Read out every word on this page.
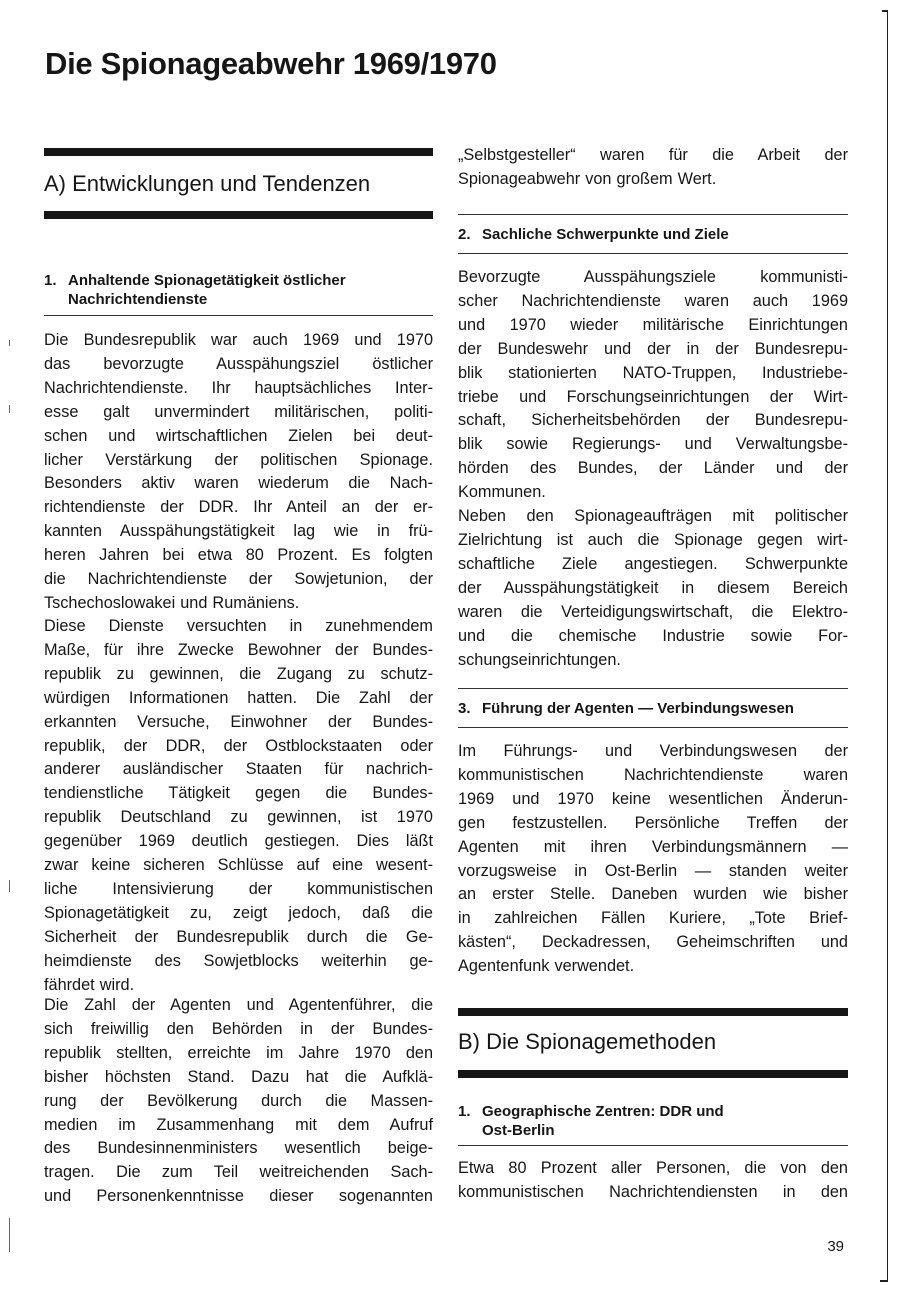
Die Spionageabwehr 1969/1970
A) Entwicklungen und Tendenzen
1. Anhaltende Spionagetätigkeit östlicher
Nachrichtendienste
Die Bundesrepublik war auch 1969 und 1970
das bevorzugte Ausspähungsziel östlicher
Nachrichtendienste. Ihr hauptsächliches Inter-
esse galt unvermindert militärischen, politi-
schen und wirtschaftlichen Zielen bei deut-
licher Verstärkung der politischen Spionage.
Besonders aktiv waren wiederum die Nach-
richtendienste der DDR. Ihr Anteil an der er-
kannten Ausspähungstätigkeit lag wie in frü-
heren Jahren bei etwa 80 Prozent. Es folgten
die Nachrichtendienste der Sowjetunion, der
Tschechoslowakei und Rumäniens.
Diese Dienste versuchten in zunehmendem
Maße, für ihre Zwecke Bewohner der Bundes-
republik zu gewinnen, die Zugang zu schutz-
würdigen Informationen hatten. Die Zahl der
erkannten Versuche, Einwohner der Bundes-
republik, der DDR, der Ostblockstaaten oder
anderer ausländischer Staaten für nachrich-
tendienstliche Tätigkeit gegen die Bundes-
republik Deutschland zu gewinnen, ist 1970
gegenüber 1969 deutlich gestiegen. Dies läßt
zwar keine sicheren Schlüsse auf eine wesent-
liche Intensivierung der kommunistischen
Spionagetätigkeit zu, zeigt jedoch, daß die
Sicherheit der Bundesrepublik durch die Ge-
heimdienste des Sowjetblocks weiterhin ge-
fährdet wird.
Die Zahl der Agenten und Agentenführer, die
sich freiwillig den Behörden in der Bundes-
republik stellten, erreichte im Jahre 1970 den
bisher höchsten Stand. Dazu hat die Aufklä-
rung der Bevölkerung durch die Massen-
medien im Zusammenhang mit dem Aufruf
des Bundesinnenministers wesentlich beige-
tragen. Die zum Teil weitreichenden Sach-
und Personenkenntnisse dieser sogenannten
„Selbstgesteller“ waren für die Arbeit der
Spionageabwehr von großem Wert.
2. Sachliche Schwerpunkte und Ziele
Bevorzugte Ausspähungsziele kommunisti-
scher Nachrichtendienste waren auch 1969
und 1970 wieder militärische Einrichtungen
der Bundeswehr und der in der Bundesrepu-
blik stationierten NATO-Truppen, Industriebe-
triebe und Forschungseinrichtungen der Wirt-
schaft, Sicherheitsbehörden der Bundesrepu-
blik sowie Regierungs- und Verwaltungsbe-
hörden des Bundes, der Länder und der
Kommunen.
Neben den Spionageaufträgen mit politischer
Zielrichtung ist auch die Spionage gegen wirt-
schaftliche Ziele angestiegen. Schwerpunkte
der Ausspähungstätigkeit in diesem Bereich
waren die Verteidigungswirtschaft, die Elektro-
und die chemische Industrie sowie For-
schungseinrichtungen.
3. Führung der Agenten — Verbindungswesen
Im Führungs- und Verbindungswesen der
kommunistischen Nachrichtendienste waren
1969 und 1970 keine wesentlichen Änderun-
gen festzustellen. Persönliche Treffen der
Agenten mit ihren Verbindungsmännern —
vorzugsweise in Ost-Berlin — standen weiter
an erster Stelle. Daneben wurden wie bisher
in zahlreichen Fällen Kuriere, „Tote Brief-
kästen“, Deckadressen, Geheimschriften und
Agentenfunk verwendet.
B) Die Spionagemethoden
1. Geographische Zentren: DDR und
Ost-Berlin
Etwa 80 Prozent aller Personen, die von den
kommunistischen Nachrichtendiensten in den

39
